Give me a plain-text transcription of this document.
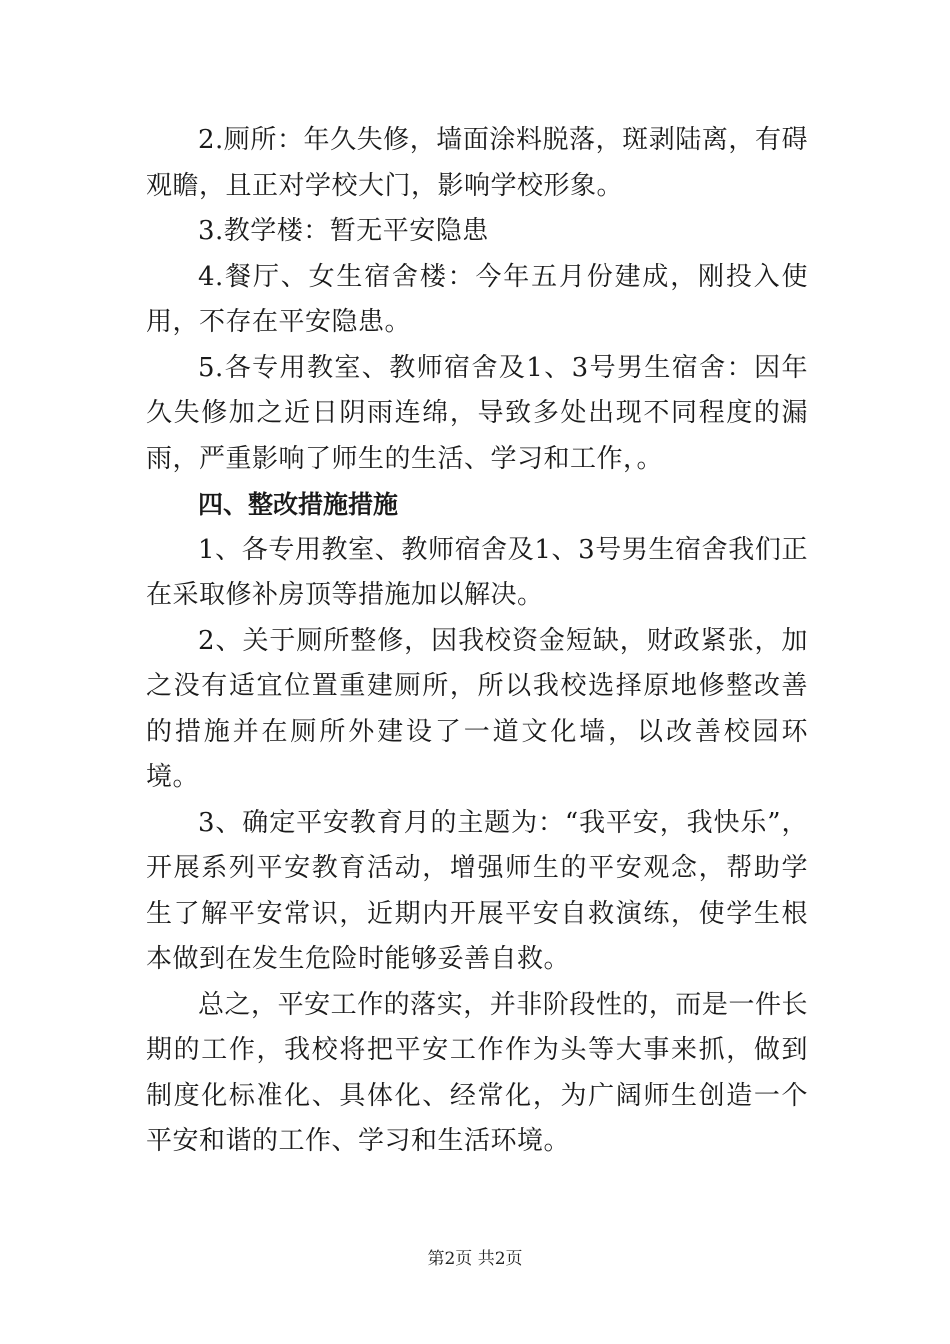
2.厕所：年久失修，墙面涂料脱落，斑剥陆离，有碍观瞻，且正对学校大门，影响学校形象。

3.教学楼：暂无平安隐患

4.餐厅、女生宿舍楼：今年五月份建成，刚投入使用，不存在平安隐患。

5.各专用教室、教师宿舍及1、3号男生宿舍：因年久失修加之近日阴雨连绵，导致多处出现不同程度的漏雨，严重影响了师生的生活、学习和工作，。

四、整改措施措施

1、各专用教室、教师宿舍及1、3号男生宿舍我们正在采取修补房顶等措施加以解决。

2、关于厕所整修，因我校资金短缺，财政紧张，加之没有适宜位置重建厕所，所以我校选择原地修整改善的措施并在厕所外建设了一道文化墙，以改善校园环境。

3、确定平安教育月的主题为：“我平安，我快乐”，开展系列平安教育活动，增强师生的平安观念，帮助学生了解平安常识，近期内开展平安自救演练，使学生根本做到在发生危险时能够妥善自救。

总之，平安工作的落实，并非阶段性的，而是一件长期的工作，我校将把平安工作作为头等大事来抓，做到制度化标准化、具体化、经常化，为广阔师生创造一个平安和谐的工作、学习和生活环境。

第2页 共2页
